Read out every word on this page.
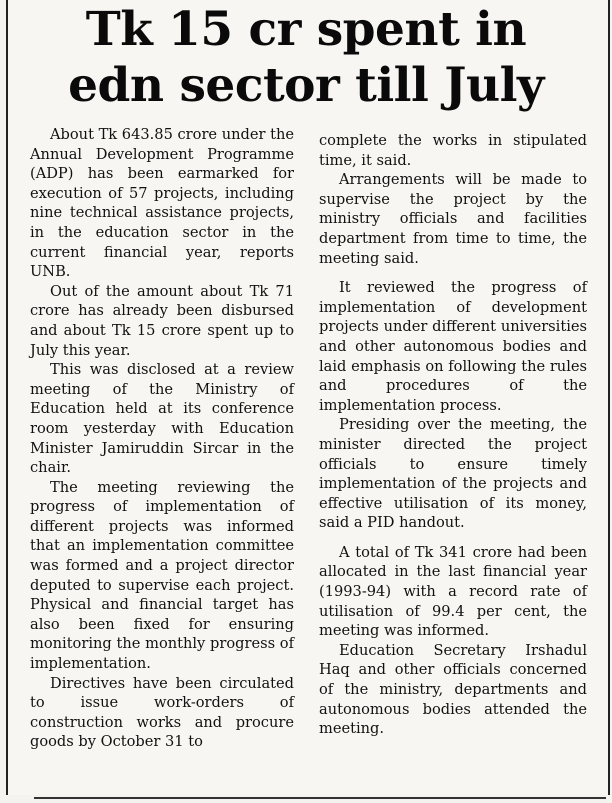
Tk 15 cr spent in
edn sector till July

About Tk 643.85 crore under the Annual Development Programme (ADP) has been earmarked for execution of 57 projects, including nine technical assistance projects, in the education sector in the current financial year, reports UNB.

Out of the amount about Tk 71 crore has already been disbursed and about Tk 15 crore spent up to July this year.

This was disclosed at a review meeting of the Ministry of Education held at its conference room yesterday with Education Minister Jamiruddin Sircar in the chair.

The meeting reviewing the progress of implementation of different projects was informed that an implementation committee was formed and a project director deputed to supervise each project. Physical and financial target has also been fixed for ensuring monitoring the monthly progress of implementation.

Directives have been circulated to issue work-orders of construction works and procure goods by October 31 to

complete the works in stipulated time, it said.

Arrangements will be made to supervise the project by the ministry officials and facilities department from time to time, the meeting said.

It reviewed the progress of implementation of development projects under different universities and other autonomous bodies and laid emphasis on following the rules and procedures of the implementation process.

Presiding over the meeting, the minister directed the project officials to ensure timely implementation of the projects and effective utilisation of its money, said a PID handout.

A total of Tk 341 crore had been allocated in the last financial year (1993-94) with a record rate of utilisation of 99.4 per cent, the meeting was informed.

Education Secretary Irshadul Haq and other officials concerned of the ministry, departments and autonomous bodies attended the meeting.
